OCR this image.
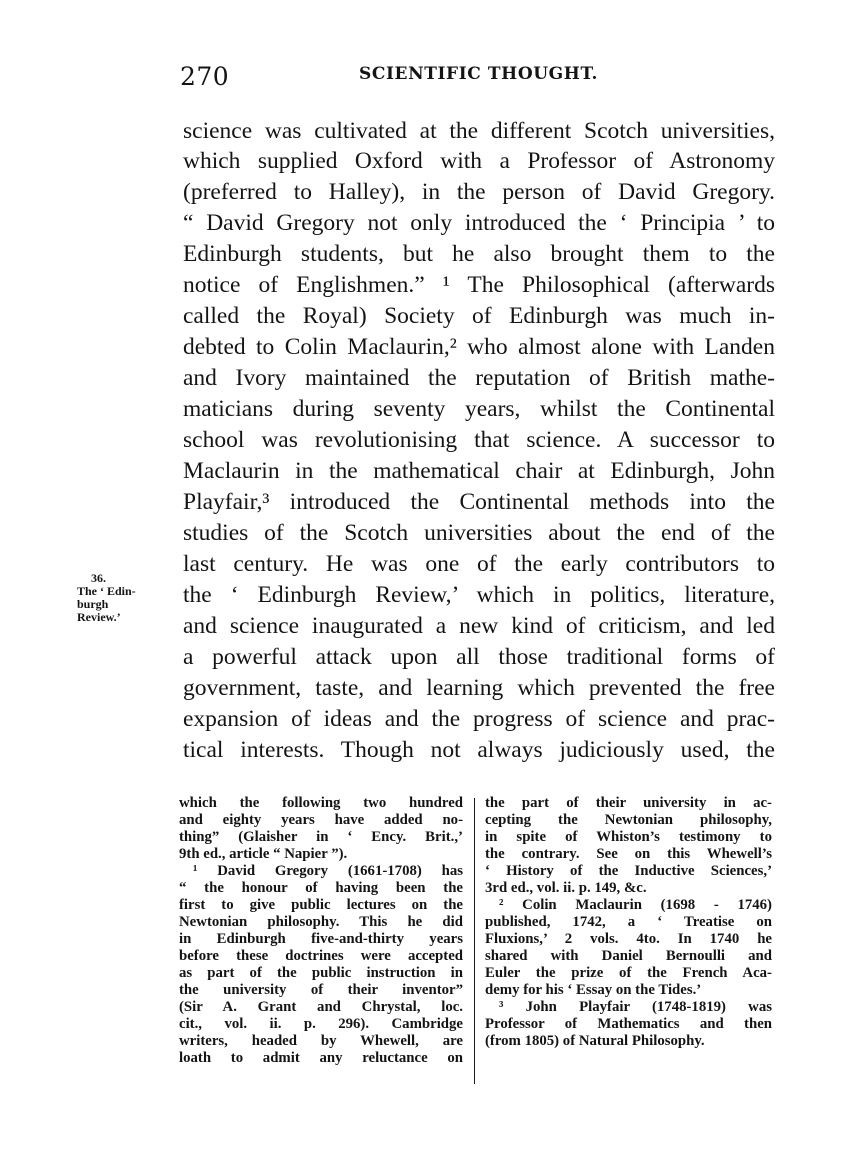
270	SCIENTIFIC THOUGHT.
science was cultivated at the different Scotch universities,
which supplied Oxford with a Professor of Astronomy
(preferred to Halley), in the person of David Gregory.
“ David Gregory not only introduced the ‘ Principia ’ to
Edinburgh students, but he also brought them to the
notice of Englishmen.” ¹ The Philosophical (afterwards
called the Royal) Society of Edinburgh was much in-
debted to Colin Maclaurin,² who almost alone with Landen
and Ivory maintained the reputation of British mathe-
maticians during seventy years, whilst the Continental
school was revolutionising that science. A successor to
Maclaurin in the mathematical chair at Edinburgh, John
Playfair,³ introduced the Continental methods into the
studies of the Scotch universities about the end of the
last century. He was one of the early contributors to
the ‘ Edinburgh Review,’ which in politics, literature,
and science inaugurated a new kind of criticism, and led
a powerful attack upon all those traditional forms of
government, taste, and learning which prevented the free
expansion of ideas and the progress of science and prac-
tical interests. Though not always judiciously used, the
36.
The ‘ Edin-
burgh
Review.’
which the following two hundred
and eighty years have added no-
thing” (Glaisher in ‘ Ency. Brit.,’
9th ed., article “ Napier ”).
¹ David Gregory (1661-1708) has
“ the honour of having been the
first to give public lectures on the
Newtonian philosophy. This he did
in Edinburgh five-and-thirty years
before these doctrines were accepted
as part of the public instruction in
the university of their inventor”
(Sir A. Grant and Chrystal, loc.
cit., vol. ii. p. 296). Cambridge
writers, headed by Whewell, are
loath to admit any reluctance on
the part of their university in ac-
cepting the Newtonian philosophy,
in spite of Whiston’s testimony to
the contrary. See on this Whewell’s
‘ History of the Inductive Sciences,’
3rd ed., vol. ii. p. 149, &c.
² Colin Maclaurin (1698 - 1746)
published, 1742, a ‘ Treatise on
Fluxions,’ 2 vols. 4to. In 1740 he
shared with Daniel Bernoulli and
Euler the prize of the French Aca-
demy for his ‘ Essay on the Tides.’
³ John Playfair (1748-1819) was
Professor of Mathematics and then
(from 1805) of Natural Philosophy.
